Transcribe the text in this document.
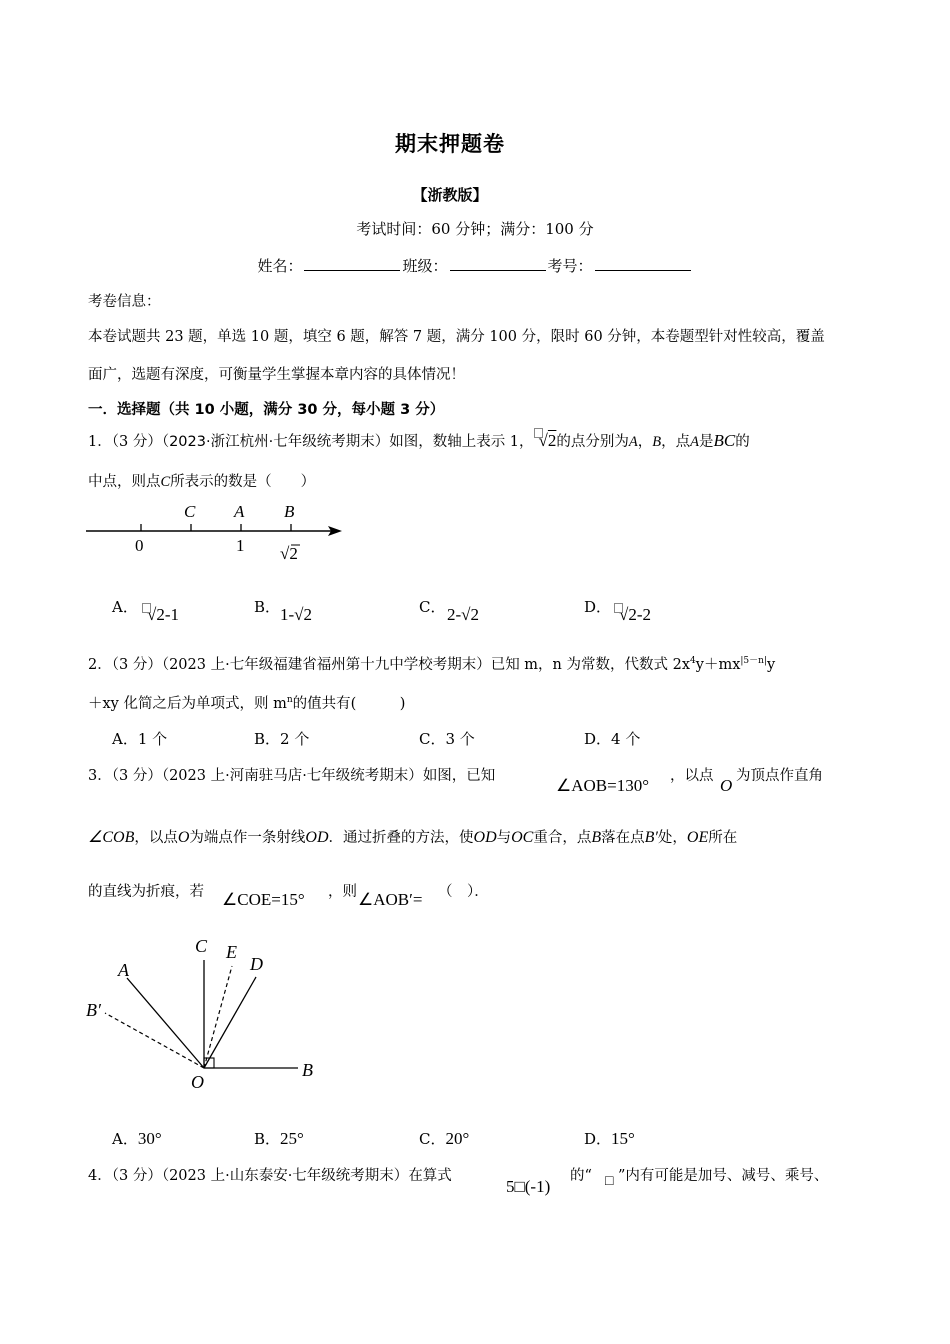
期末押题卷
【浙教版】
考试时间：60 分钟；满分：100 分
姓名：	班级：	考号：
考卷信息：
本卷试题共 23 题，单选 10 题，填空 6 题，解答 7 题，满分 100 分，限时 60 分钟，本卷题型针对性较高，覆盖
面广，选题有深度，可衡量学生掌握本章内容的具体情况！
一．选择题（共 10 小题，满分 30 分，每小题 3 分）
1．（3 分）（2023·浙江杭州·七年级统考期末）如图，数轴上表示 1， √2的点分别为A，B，点A是BC的
中点，则点C所表示的数是（　　）
C A B
0	1 √2
A． √2-1	B． 1-√2	C． 2-√2	D． √2-2
2．（3 分）（2023 上·七年级福建省福州第十九中学校考期末）已知 m，n 为常数，代数式 $2x^4y+mx^{|5-n|}y$
＋xy 化简之后为单项式，则 $m^n$的值共有(　　　)
A．1 个	B．2 个	C．3 个	D．4 个
3．（3 分）（2023 上·河南驻马店·七年级统考期末）如图，已知	∠AOB=130° ，以点 O 为顶点作直角
∠COB，以点O为端点作一条射线OD．通过折叠的方法，使OD与OC重合，点B落在点B′处，OE所在
的直线为折痕，若 ∠COE=15° ，则 ∠AOB′= （　）．
C E
D
A
B′
O
B
A．30°	B．25°	C．20°	D．15°
4．（3 分）（2023 上·山东泰安·七年级统考期末）在算式
5□(-1)
的“ □ ”内有可能是加号、减号、乘号、
